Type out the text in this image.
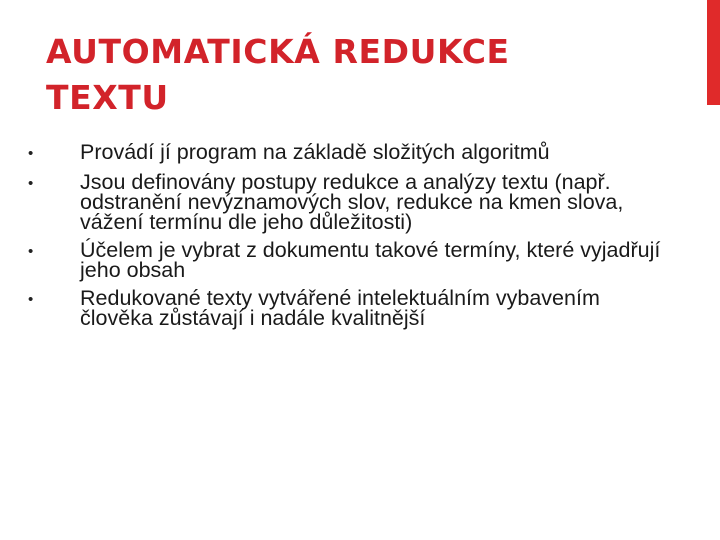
AUTOMATICKÁ REDUKCE
TEXTU
•	Provádí jí program na základě složitých algoritmů
•	Jsou definovány postupy redukce a analýzy textu (např. odstranění nevýznamových slov, redukce na kmen slova, vážení termínu dle jeho důležitosti)
•	Účelem je vybrat z dokumentu takové termíny, které vyjadřují jeho obsah
•	Redukované texty vytvářené intelektuálním vybavením člověka zůstávají i nadále kvalitnější
